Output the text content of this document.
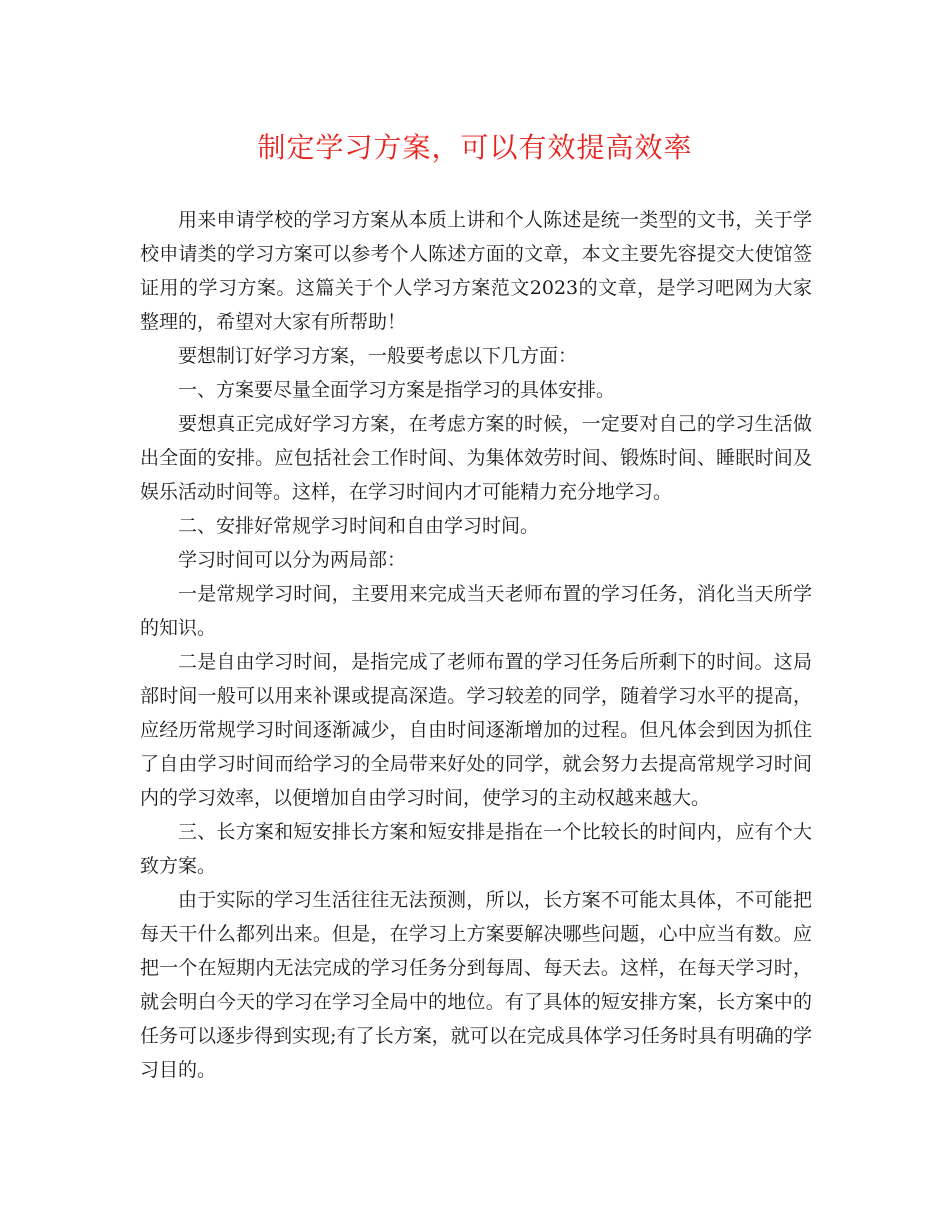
制定学习方案，可以有效提高效率

用来申请学校的学习方案从本质上讲和个人陈述是统一类型的文书，关于学校申请类的学习方案可以参考个人陈述方面的文章，本文主要先容提交大使馆签证用的学习方案。这篇关于个人学习方案范文2023的文章，是学习吧网为大家整理的，希望对大家有所帮助！

要想制订好学习方案，一般要考虑以下几方面：

一、方案要尽量全面学习方案是指学习的具体安排。

要想真正完成好学习方案，在考虑方案的时候，一定要对自己的学习生活做出全面的安排。应包括社会工作时间、为集体效劳时间、锻炼时间、睡眠时间及娱乐活动时间等。这样，在学习时间内才可能精力充分地学习。

二、安排好常规学习时间和自由学习时间。

学习时间可以分为两局部：

一是常规学习时间，主要用来完成当天老师布置的学习任务，消化当天所学的知识。

二是自由学习时间，是指完成了老师布置的学习任务后所剩下的时间。这局部时间一般可以用来补课或提高深造。学习较差的同学，随着学习水平的提高，应经历常规学习时间逐渐减少，自由时间逐渐增加的过程。但凡体会到因为抓住了自由学习时间而给学习的全局带来好处的同学，就会努力去提高常规学习时间内的学习效率，以便增加自由学习时间，使学习的主动权越来越大。

三、长方案和短安排长方案和短安排是指在一个比较长的时间内，应有个大致方案。

由于实际的学习生活往往无法预测，所以，长方案不可能太具体，不可能把每天干什么都列出来。但是，在学习上方案要解决哪些问题，心中应当有数。应把一个在短期内无法完成的学习任务分到每周、每天去。这样，在每天学习时，就会明白今天的学习在学习全局中的地位。有了具体的短安排方案，长方案中的任务可以逐步得到实现;有了长方案，就可以在完成具体学习任务时具有明确的学习目的。
